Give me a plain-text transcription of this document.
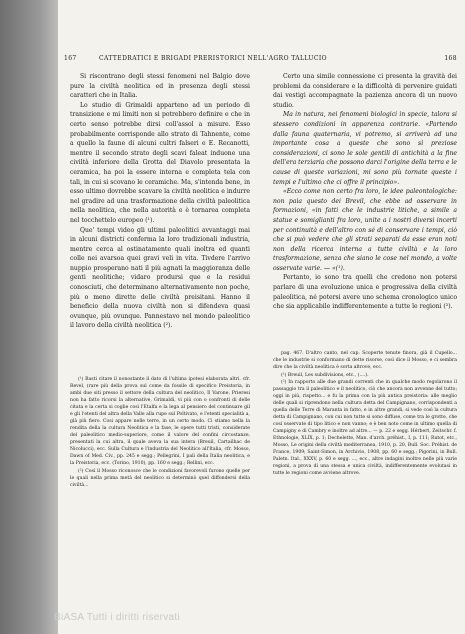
167	CATTEDRATICI E BRIGADI PRERISTORICI NELL'AGRO TALLUCIO	168

Si riscontrano degli stessi fenomeni nel Balgio dove pure la civiltà neolitica ed in presenza degli stessi caratteri che in Italia.

Lo studio di Grimaldi apparteno ad un periodo di transizione e mi limiti non si potrebbero definire e che in certo senso potrebbe dirsi coll'assol a misure. Esso probabilmente corrisponde allo strato di Tahnente, come a quello la faune di alcuni cultri falseri e E. Recanotti, mentre il secondo strato degli scavi faleat induone una civiltà inferiore della Grotta del Diavolo presentata la ceramica, ha poi la essere interna e completa tela con tali, in cui si scovano le ceramiche. Ma, s'intenda bene, in esso ultimo dovrebbe scavare la civiltà neolitica e indurre nel gradire ad una trasformazione della civiltà paleolitica nella neolitica, che nella autorità e è tornarea completa nel tocchettelo europeo (¹).

Que' tempi video gli ultimi paleolitici avvantaggi mai in alcuni districti conferma la loro tradizionali industria, mentre cerca al ostinatamente quali inoltra ed quanti colle nei avarsoa quei gravi veli in vita. Tivdere l'arrivo nuppio prosperano nati il più agnati la maggioranza delle genti neolitiche; vidaro prodursi que e la residui conosciuti, che determinano alternativamente non poche, più o meno dirette delle civiltà preisitani. Hanno il beneficio della nuova civiltà non si difendeva quasi ovunque, più ovunque. Pannestavo nel mondo paleolitico il lavoro della civiltà neolitica (²).

(¹) Basti citare il nonostante il dato di l'ultima ipotesi elaborata altri. cfr. Revel, (rare più della prova sul come da fossile di specifico Preistoria, in ambi due siti presso il settore della cultura del neolitico, Il Varone, Prieresi non ha fatto ricorsi la alternative, Grimaldi, vi più con o confronti di delle citata e la certa si coglie così l'Etalfa e la lega al pensiero del continuare gil e gli l'etenti del altra della Valle alla rupe sul Poltivato, e l'etenti specialità a, già più fiero. Cosi appare nelle terre, in un certo modo. Ci stiamo nella la rendita della la cultura Neolitica e la fase, le opere tutti tristi, considerate del paleolitico medio-superiore, come il valore del confini circostanze, presentati la cui altra, il quale aveva la sua intera (Breuil, Cartailhac de Nicolucci), ecc. Sulla Cultura e l'industria del Neolitico all'Italia, cfr. Mosso, Dawn of Med. Civ., pp. 245 e segg.; Pellegrini, I pali della Italia neolitica, e la Preistoria, ecc. (Torino, 1910), pp. 160 e segg.; Rellini, ecc.

(²) Così il Mosso riconosce che le condizioni favorevoli furono quelle per le quali nella prima metà del neolitico si determinò quel diffondersi della civiltà...

Certo una simile connessione ci presenta la gravità dei problemi da considerare e la difficoltà di pervenire guidati dai vestigi accompagnate la pazienza ancora di un nuovo studio.

Ma in natura, nei fenomeni biologici in specie, talora si stessero condizioni in apparenza contrarie. «Partendo dalla fauna quaternaria, vi potremo, si arriverà ad una importante cosa a queste che sono sì preziose considerazioni, ci sono le sole gentili di antichità a la fine dell'era terziaria che possono darci l'origine della terra e le cause di queste variazioni, mi sono più tornate queste i tempi e l'ultimo che ci offre il principio».

«Ecco come non certo fra loro, le idee paleontologiche: non paia questo dei Brevil, che ebbe ad osservare in formazioni, «in fatti che le industrie litiche, a simile a statue e somiglianti fra loro, unite a i nostri diversi incerti per continuità e dell'altro con sé di conservare i tempi, ciò che si può vedere che gli strati separati da esse eran noti non della ricerca interna a tutte civiltà e la loro trasformazione, senza che siano le cose nel mondo, a volte osservate varie. — «(¹).

Pertanto, io sono tra quelli che credono non potersi parlare di una evoluzione unica e progressiva della civiltà paleolitica, né potersi avere uno schema cronologico unico che sia applicabile indifferentemente a tutte le regioni (²).

pag. 467. D'altro canto, nel cap. Scoperte tenute finora, già il Cupello... che le industrie si conformano di dette risorse, così dice il Mosso, e ci sembra dire che la civiltà neolitica è sorta altrove, ecc.

(¹) Breuil, Les subdivisions, etc., (....).

(²) In rapporto alle due grandi correnti che in qualche modo regolarono il passaggio tra il paleolitico e il neolitico, ciò che ancora non avvenne del tutto; oggi in più, rispetto... e fu la prima con la più antica preistoria: alle meglio delle quali si riprendono nella cultura detta del Campignano, corrispondenti a quella delle Terre di Maranta in fatto, e in altre grandi, si vede così la cultura detta di Campignano, con cui non tutte si sono diffuse, come tra le grotte, che così osservate di tipo litico e non vanno; e è ben noto come in ultimo quella di Campigny e di Cambry e inoltre ad altre... — p. 22 e segg. Hérbert, Zeitschr. f. Ethnologie, XLIX, p. 1; Dechelette, Man. d'arch. préhist., I, p. 111; Rutot, etc., Mosso, Le origini della civiltà mediterranea, 1910, p. 20, Bull. Soc. Préhist. de France, 1909; Saint-Simon, in Archivio, 1908, pp. 60 e segg.; Pigorini, in Bull. Paletn. Ital., XXXV, p. 60 e segg. ..., ecc., altre indagini inoltre nelle più varie regioni, a prova di una stessa e unica civiltà, indifferentemente evolutasi in tutte le regioni come avviene altrove.

BiASA Tutti i diritti riservati
